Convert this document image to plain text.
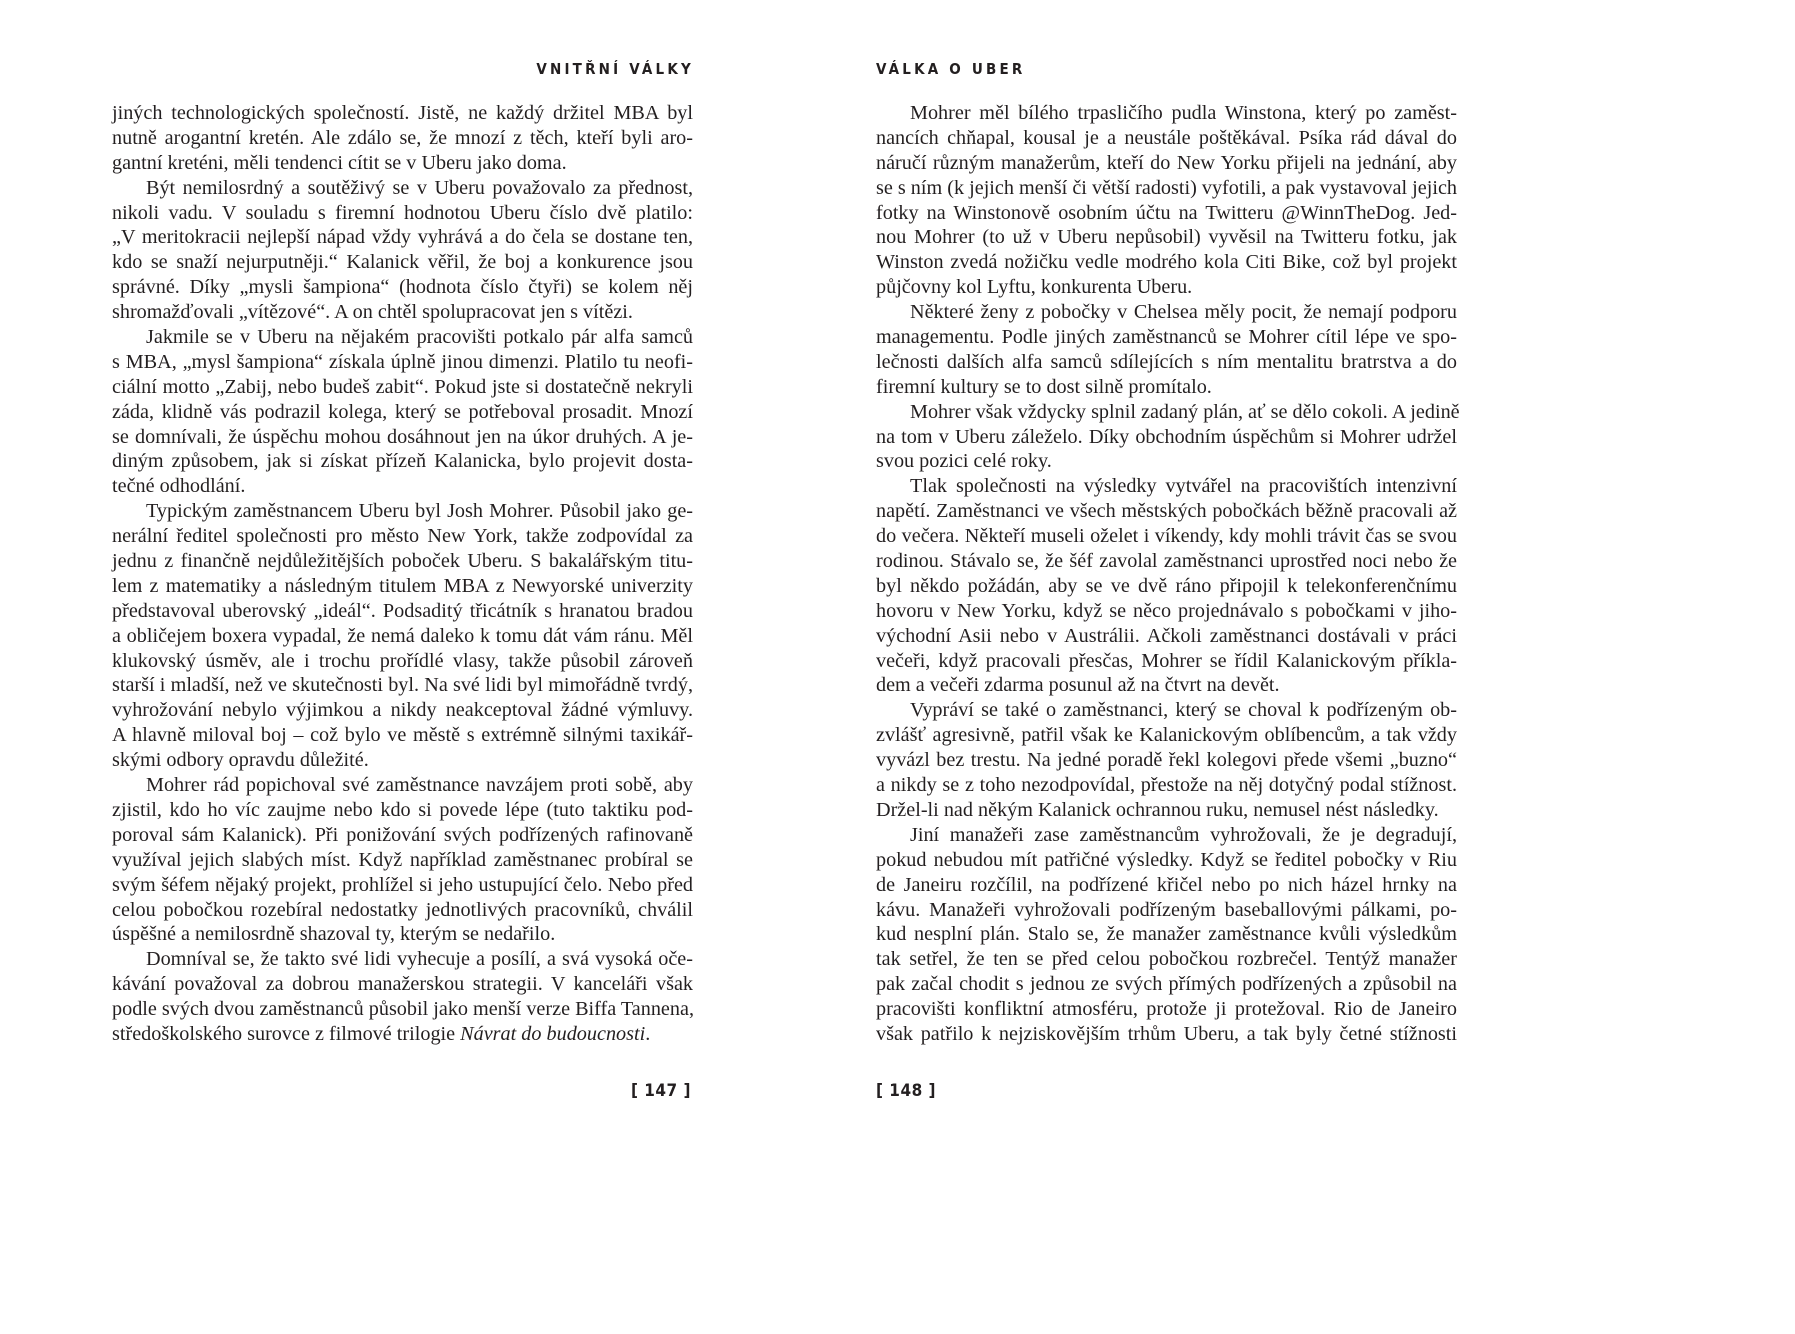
VNITŘNÍ VÁLKY
jiných technologických společností. Jistě, ne každý držitel MBA byl
nutně arogantní kretén. Ale zdálo se, že mnozí z těch, kteří byli aro-
gantní kreténi, měli tendenci cítit se v Uberu jako doma.
Být nemilosrdný a soutěživý se v Uberu považovalo za přednost,
nikoli vadu. V souladu s firemní hodnotou Uberu číslo dvě platilo:
„V meritokracii nejlepší nápad vždy vyhrává a do čela se dostane ten,
kdo se snaží nejurputněji.“ Kalanick věřil, že boj a konkurence jsou
správné. Díky „mysli šampiona“ (hodnota číslo čtyři) se kolem něj
shromažďovali „vítězové“. A on chtěl spolupracovat jen s vítězi.
Jakmile se v Uberu na nějakém pracovišti potkalo pár alfa samců
s MBA, „mysl šampiona“ získala úplně jinou dimenzi. Platilo tu neofi-
ciální motto „Zabij, nebo budeš zabit“. Pokud jste si dostatečně nekryli
záda, klidně vás podrazil kolega, který se potřeboval prosadit. Mnozí
se domnívali, že úspěchu mohou dosáhnout jen na úkor druhých. A je-
diným způsobem, jak si získat přízeň Kalanicka, bylo projevit dosta-
tečné odhodlání.
Typickým zaměstnancem Uberu byl Josh Mohrer. Působil jako ge-
nerální ředitel společnosti pro město New York, takže zodpovídal za
jednu z finančně nejdůležitějších poboček Uberu. S bakalářským titu-
lem z matematiky a následným titulem MBA z Newyorské univerzity
představoval uberovský „ideál“. Podsaditý třicátník s hranatou bradou
a obličejem boxera vypadal, že nemá daleko k tomu dát vám ránu. Měl
klukovský úsměv, ale i trochu prořídlé vlasy, takže působil zároveň
starší i mladší, než ve skutečnosti byl. Na své lidi byl mimořádně tvrdý,
vyhrožování nebylo výjimkou a nikdy neakceptoval žádné výmluvy.
A hlavně miloval boj – což bylo ve městě s extrémně silnými taxikář-
skými odbory opravdu důležité.
Mohrer rád popichoval své zaměstnance navzájem proti sobě, aby
zjistil, kdo ho víc zaujme nebo kdo si povede lépe (tuto taktiku pod-
poroval sám Kalanick). Při ponižování svých podřízených rafinovaně
využíval jejich slabých míst. Když například zaměstnanec probíral se
svým šéfem nějaký projekt, prohlížel si jeho ustupující čelo. Nebo před
celou pobočkou rozebíral nedostatky jednotlivých pracovníků, chválil
úspěšné a nemilosrdně shazoval ty, kterým se nedařilo.
Domníval se, že takto své lidi vyhecuje a posílí, a svá vysoká oče-
kávání považoval za dobrou manažerskou strategii. V kanceláři však
podle svých dvou zaměstnanců působil jako menší verze Biffa Tannena,
středoškolského surovce z filmové trilogie Návrat do budoucnosti.
[ 147 ]
VÁLKA O UBER
Mohrer měl bílého trpasličího pudla Winstona, který po zaměst-
nancích chňapal, kousal je a neustále poštěkával. Psíka rád dával do
náručí různým manažerům, kteří do New Yorku přijeli na jednání, aby
se s ním (k jejich menší či větší radosti) vyfotili, a pak vystavoval jejich
fotky na Winstonově osobním účtu na Twitteru @WinnTheDog. Jed-
nou Mohrer (to už v Uberu nepůsobil) vyvěsil na Twitteru fotku, jak
Winston zvedá nožičku vedle modrého kola Citi Bike, což byl projekt
půjčovny kol Lyftu, konkurenta Uberu.
Některé ženy z pobočky v Chelsea měly pocit, že nemají podporu
managementu. Podle jiných zaměstnanců se Mohrer cítil lépe ve spo-
lečnosti dalších alfa samců sdílejících s ním mentalitu bratrstva a do
firemní kultury se to dost silně promítalo.
Mohrer však vždycky splnil zadaný plán, ať se dělo cokoli. A jedině
na tom v Uberu záleželo. Díky obchodním úspěchům si Mohrer udržel
svou pozici celé roky.
Tlak společnosti na výsledky vytvářel na pracovištích intenzivní
napětí. Zaměstnanci ve všech městských pobočkách běžně pracovali až
do večera. Někteří museli oželet i víkendy, kdy mohli trávit čas se svou
rodinou. Stávalo se, že šéf zavolal zaměstnanci uprostřed noci nebo že
byl někdo požádán, aby se ve dvě ráno připojil k telekonferenčnímu
hovoru v New Yorku, když se něco projednávalo s pobočkami v jiho-
východní Asii nebo v Austrálii. Ačkoli zaměstnanci dostávali v práci
večeři, když pracovali přesčas, Mohrer se řídil Kalanickovým příkla-
dem a večeři zdarma posunul až na čtvrt na devět.
Vypráví se také o zaměstnanci, který se choval k podřízeným ob-
zvlášť agresivně, patřil však ke Kalanickovým oblíbencům, a tak vždy
vyvázl bez trestu. Na jedné poradě řekl kolegovi přede všemi „buzno“
a nikdy se z toho nezodpovídal, přestože na něj dotyčný podal stížnost.
Držel-li nad někým Kalanick ochrannou ruku, nemusel nést následky.
Jiní manažeři zase zaměstnancům vyhrožovali, že je degradují,
pokud nebudou mít patřičné výsledky. Když se ředitel pobočky v Riu
de Janeiru rozčílil, na podřízené křičel nebo po nich házel hrnky na
kávu. Manažeři vyhrožovali podřízeným baseballovými pálkami, po-
kud nesplní plán. Stalo se, že manažer zaměstnance kvůli výsledkům
tak setřel, že ten se před celou pobočkou rozbrečel. Tentýž manažer
pak začal chodit s jednou ze svých přímých podřízených a způsobil na
pracovišti konfliktní atmosféru, protože ji protežoval. Rio de Janeiro
však patřilo k nejziskovějším trhům Uberu, a tak byly četné stížnosti
[ 148 ]
